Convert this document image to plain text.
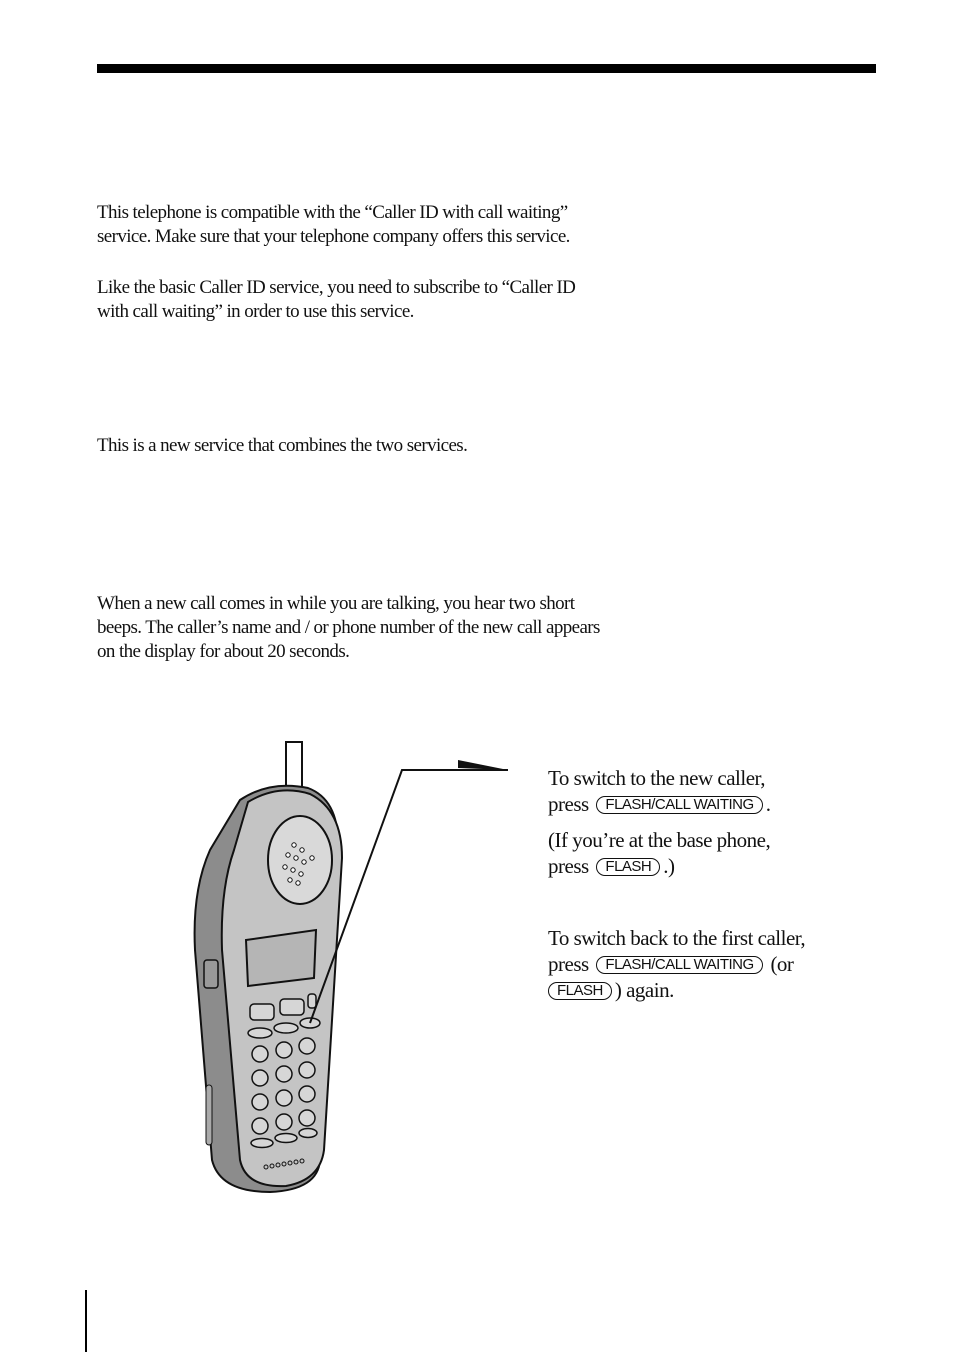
This telephone is compatible with the “Caller ID with call waiting”
service. Make sure that your telephone company offers this service.

Like the basic Caller ID service, you need to subscribe to “Caller ID
with call waiting” in order to use this service.

This is a new service that combines the two services.

When a new call comes in while you are talking, you hear two short
beeps. The caller’s name and / or phone number of the new call appears
on the display for about 20 seconds.

To switch to the new caller,
press FLASH/CALL WAITING .
(If you’re at the base phone,
press FLASH .)
To switch back to the first caller,
press FLASH/CALL WAITING (or
FLASH ) again.
